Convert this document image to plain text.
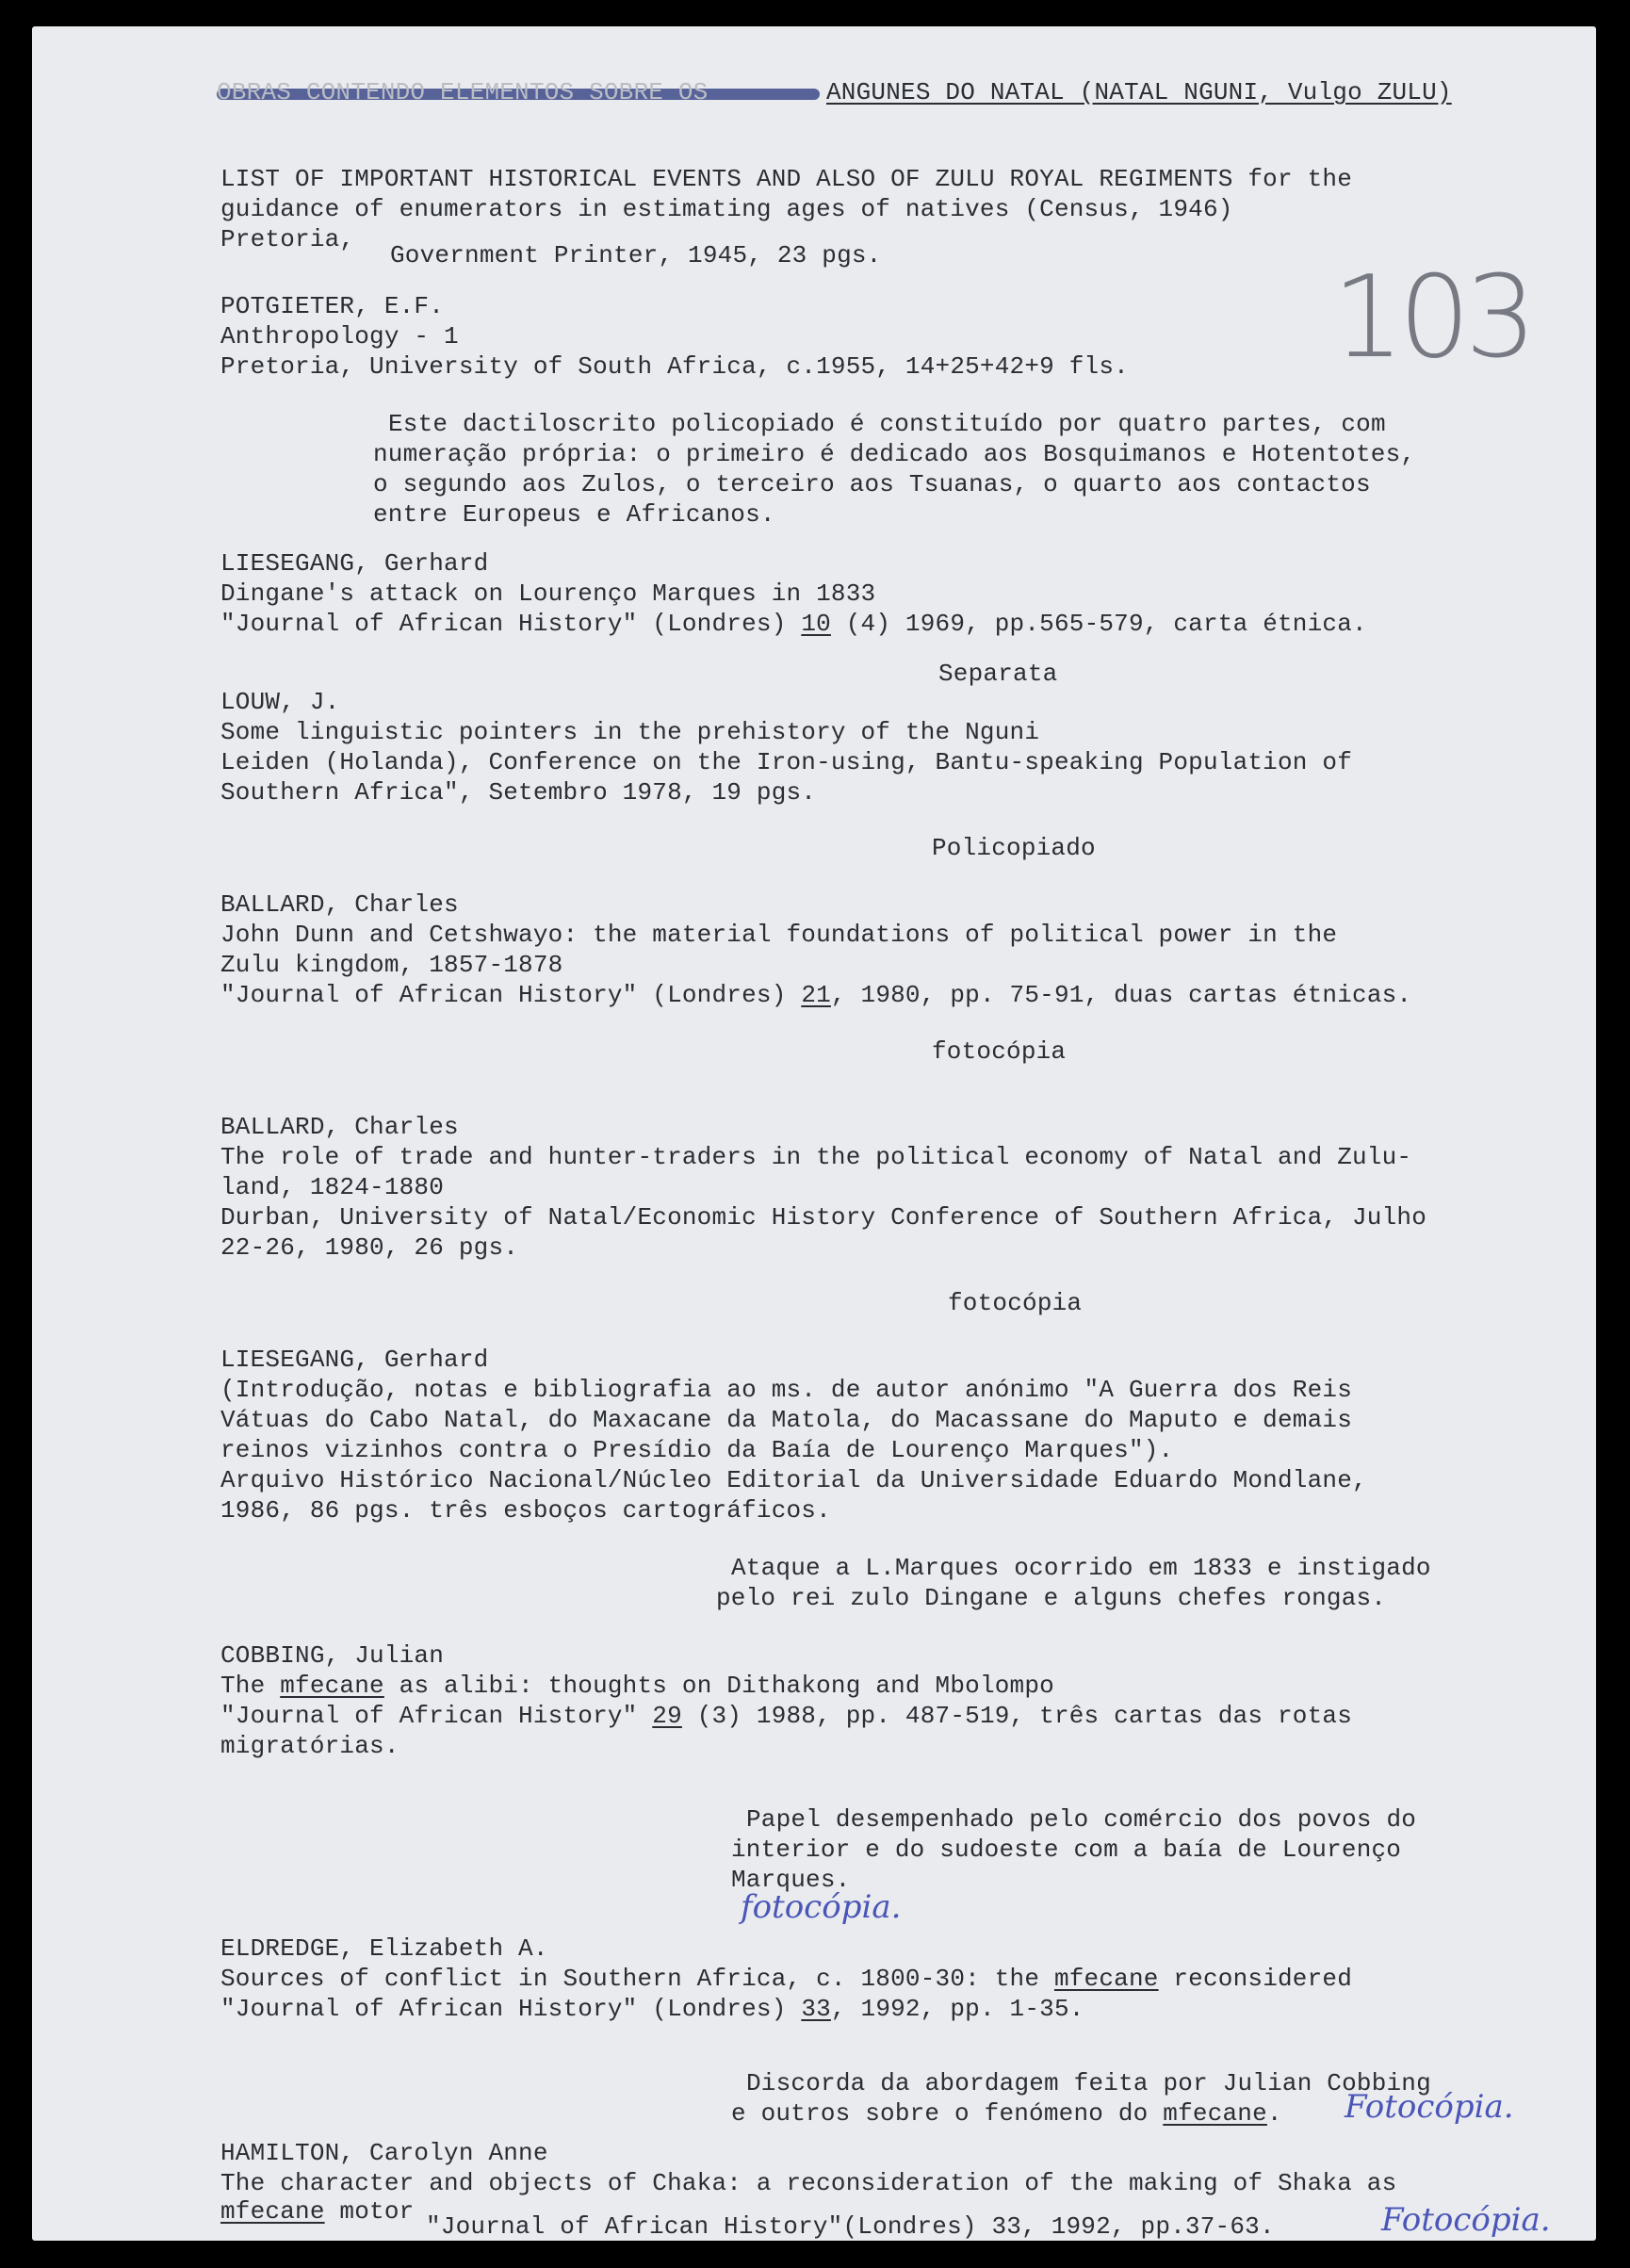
OBRAS CONTENDO ELEMENTOS SOBRE OS	ANGUNES DO NATAL (NATAL NGUNI, Vulgo ZULU)
103
LIST OF IMPORTANT HISTORICAL EVENTS AND ALSO OF ZULU ROYAL REGIMENTS for the
guidance of enumerators in estimating ages of natives (Census, 1946)
Pretoria,
Government Printer, 1945, 23 pgs.
POTGIETER, E.F.
Anthropology - 1
Pretoria, University of South Africa, c.1955, 14+25+42+9 fls.
Este dactiloscrito policopiado é constituído por quatro partes, com
numeração própria: o primeiro é dedicado aos Bosquimanos e Hotentotes,
o segundo aos Zulos, o terceiro aos Tsuanas, o quarto aos contactos
entre Europeus e Africanos.
LIESEGANG, Gerhard
Dingane's attack on Lourenço Marques in 1833
"Journal of African History" (Londres) 10 (4) 1969, pp.565-579, carta étnica.
Separata
LOUW, J.
Some linguistic pointers in the prehistory of the Nguni
Leiden (Holanda), Conference on the Iron-using, Bantu-speaking Population of
Southern Africa", Setembro 1978, 19 pgs.
Policopiado
BALLARD, Charles
John Dunn and Cetshwayo: the material foundations of political power in the
Zulu kingdom, 1857-1878
"Journal of African History" (Londres) 21, 1980, pp. 75-91, duas cartas étnicas.
fotocópia
BALLARD, Charles
The role of trade and hunter-traders in the political economy of Natal and Zulu-
land, 1824-1880
Durban, University of Natal/Economic History Conference of Southern Africa, Julho
22-26, 1980, 26 pgs.
fotocópia
LIESEGANG, Gerhard
(Introdução, notas e bibliografia ao ms. de autor anónimo "A Guerra dos Reis
Vátuas do Cabo Natal, do Maxacane da Matola, do Macassane do Maputo e demais
reinos vizinhos contra o Presídio da Baía de Lourenço Marques").
Arquivo Histórico Nacional/Núcleo Editorial da Universidade Eduardo Mondlane,
1986, 86 pgs. três esboços cartográficos.
Ataque a L.Marques ocorrido em 1833 e instigado
pelo rei zulo Dingane e alguns chefes rongas.
COBBING, Julian
The mfecane as alibi: thoughts on Dithakong and Mbolompo
"Journal of African History" 29 (3) 1988, pp. 487-519, três cartas das rotas
migratórias.
Papel desempenhado pelo comércio dos povos do
interior e do sudoeste com a baía de Lourenço
Marques.
fotocópia.
ELDREDGE, Elizabeth A.
Sources of conflict in Southern Africa, c. 1800-30: the mfecane reconsidered
"Journal of African History" (Londres) 33, 1992, pp. 1-35.
Discorda da abordagem feita por Julian Cobbing
e outros sobre o fenómeno do mfecane. Fotocópia.
HAMILTON, Carolyn Anne
The character and objects of Chaka: a reconsideration of the making of Shaka as
mfecane motor
"Journal of African History"(Londres) 33, 1992, pp.37-63.	Fotocópia.
